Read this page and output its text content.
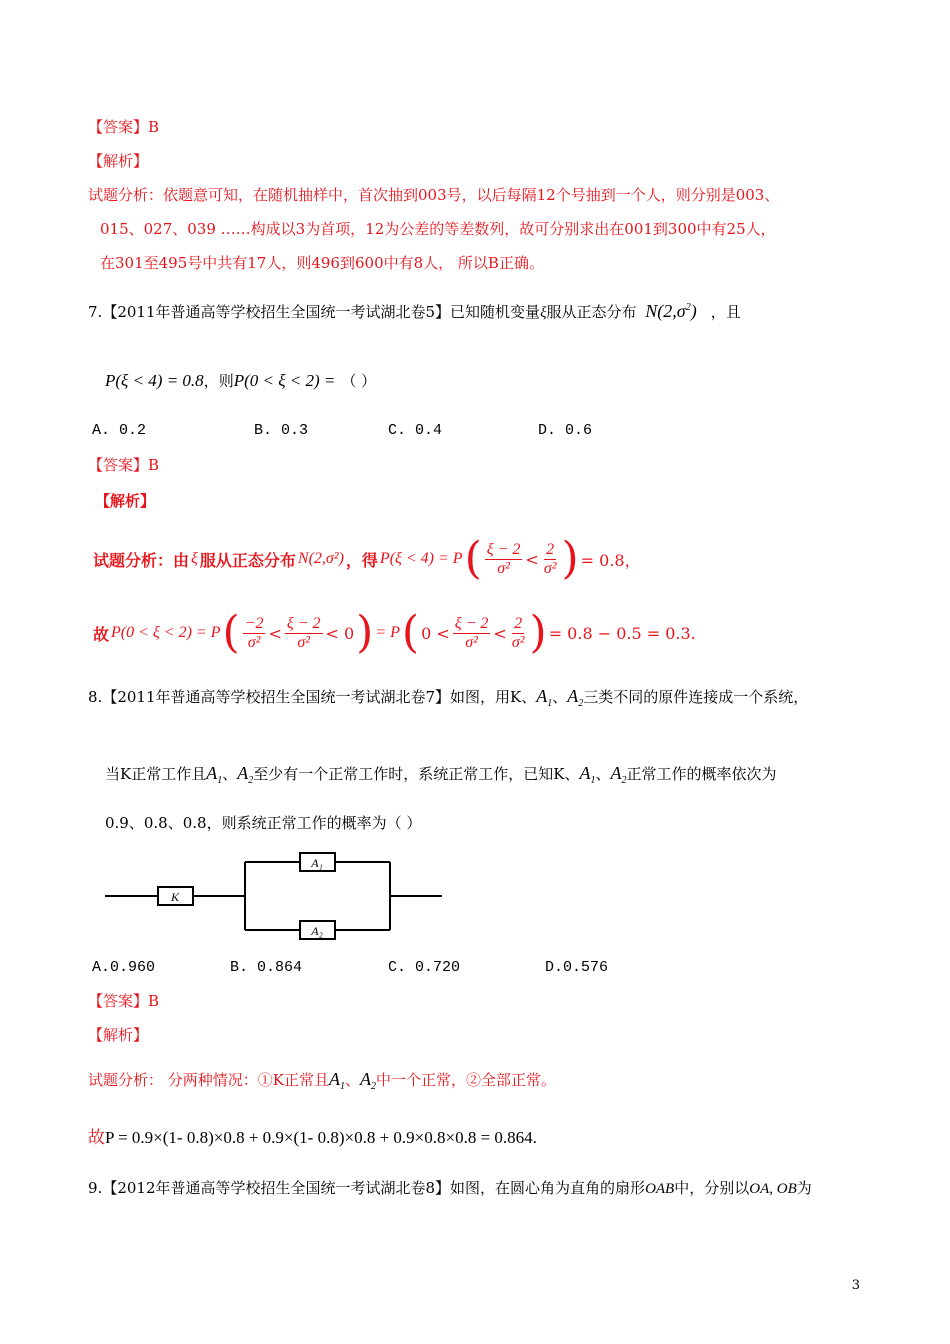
【答案】B
【解析】
试题分析：依题意可知，在随机抽样中，首次抽到003号，以后每隔12个号抽到一个人，则分别是003、
015、027、039 ……构成以3为首项，12为公差的等差数列，故可分别求出在001到300中有25人，
在301至495号中共有17人，则496到600中有8人， 所以B正确。
7.【2011年普通高等学校招生全国统一考试湖北卷5】已知随机变量ξ服从正态分布 $N(2,\sigma^2)$ ，且
P(ξ < 4) = 0.8，则P(0 < ξ < 2) = （ ）
A. 0.2	B. 0.3	C. 0.4	D. 0.6
【答案】B
【解析】
试题分析：由 ξ 服从正态分布 N(2,σ²) ，得 P(ξ < 4) = P ( $\frac{\xi - 2}{\text{σ²}} < \frac{2}{\text{σ²}}$ ) = 0.8，
故 P(0 < ξ < 2) = P ( $\frac{-2}{\text{σ²}} < \frac{\xi - 2}{\text{σ²}} < 0$ ) = P ( $0 < \frac{\xi - 2}{\text{σ²}} < \frac{2}{\text{σ²}}$ ) = 0.8 − 0.5 = 0.3.
8.【2011年普通高等学校招生全国统一考试湖北卷7】如图，用K、$A_1$、$A_2$三类不同的原件连接成一个系统，
当K正常工作且$A_1$、$A_2$至少有一个正常工作时，系统正常工作，已知K、$A_1$、$A_2$正常工作的概率依次为
0.9、0.8、0.8，则系统正常工作的概率为（ ）
K
A₁
A₂
A.0.960	B. 0.864	C. 0.720	D.0.576
【答案】B
【解析】
试题分析： 分两种情况：①K正常且$A_1$、$A_2$中一个正常，②全部正常。
故P = 0.9×(1- 0.8)×0.8 + 0.9×(1- 0.8)×0.8 + 0.9×0.8×0.8 = 0.864.
9.【2012年普通高等学校招生全国统一考试湖北卷8】如图，在圆心角为直角的扇形OAB中，分别以OA, OB为
3
